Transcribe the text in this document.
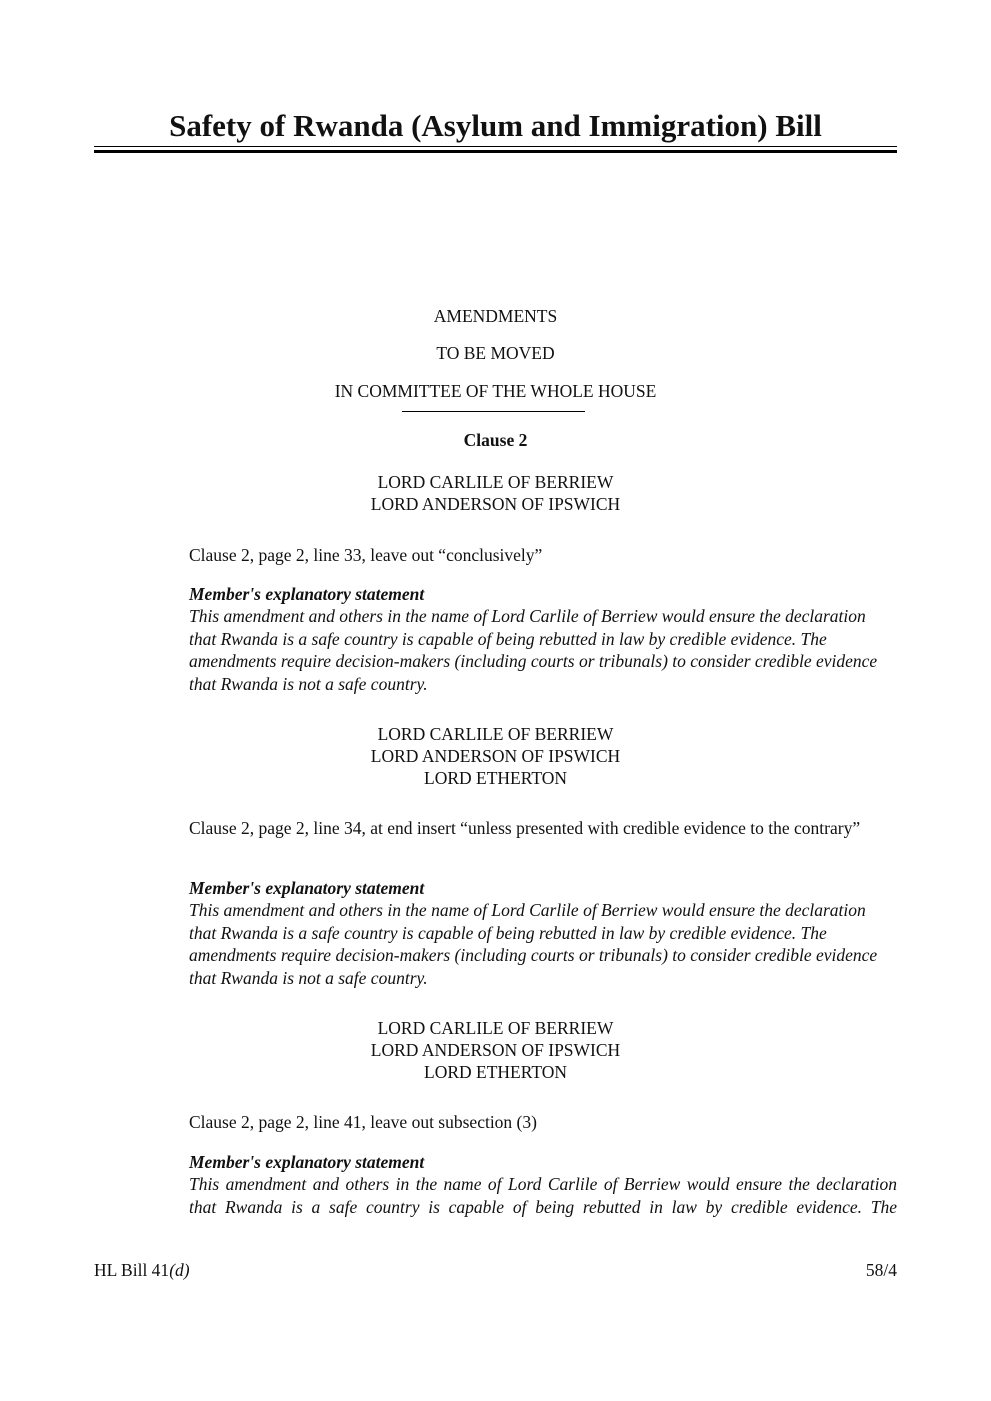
Safety of Rwanda (Asylum and Immigration) Bill
AMENDMENTS
TO BE MOVED
IN COMMITTEE OF THE WHOLE HOUSE
Clause 2
LORD CARLILE OF BERRIEW
LORD ANDERSON OF IPSWICH
Clause 2, page 2, line 33, leave out “conclusively”
Member's explanatory statement
This amendment and others in the name of Lord Carlile of Berriew would ensure the declaration that Rwanda is a safe country is capable of being rebutted in law by credible evidence. The amendments require decision-makers (including courts or tribunals) to consider credible evidence that Rwanda is not a safe country.
LORD CARLILE OF BERRIEW
LORD ANDERSON OF IPSWICH
LORD ETHERTON
Clause 2, page 2, line 34, at end insert “unless presented with credible evidence to the contrary”
Member's explanatory statement
This amendment and others in the name of Lord Carlile of Berriew would ensure the declaration that Rwanda is a safe country is capable of being rebutted in law by credible evidence. The amendments require decision-makers (including courts or tribunals) to consider credible evidence that Rwanda is not a safe country.
LORD CARLILE OF BERRIEW
LORD ANDERSON OF IPSWICH
LORD ETHERTON
Clause 2, page 2, line 41, leave out subsection (3)
Member's explanatory statement
This amendment and others in the name of Lord Carlile of Berriew would ensure the declaration that Rwanda is a safe country is capable of being rebutted in law by credible evidence. The
HL Bill 41(d)	58/4
